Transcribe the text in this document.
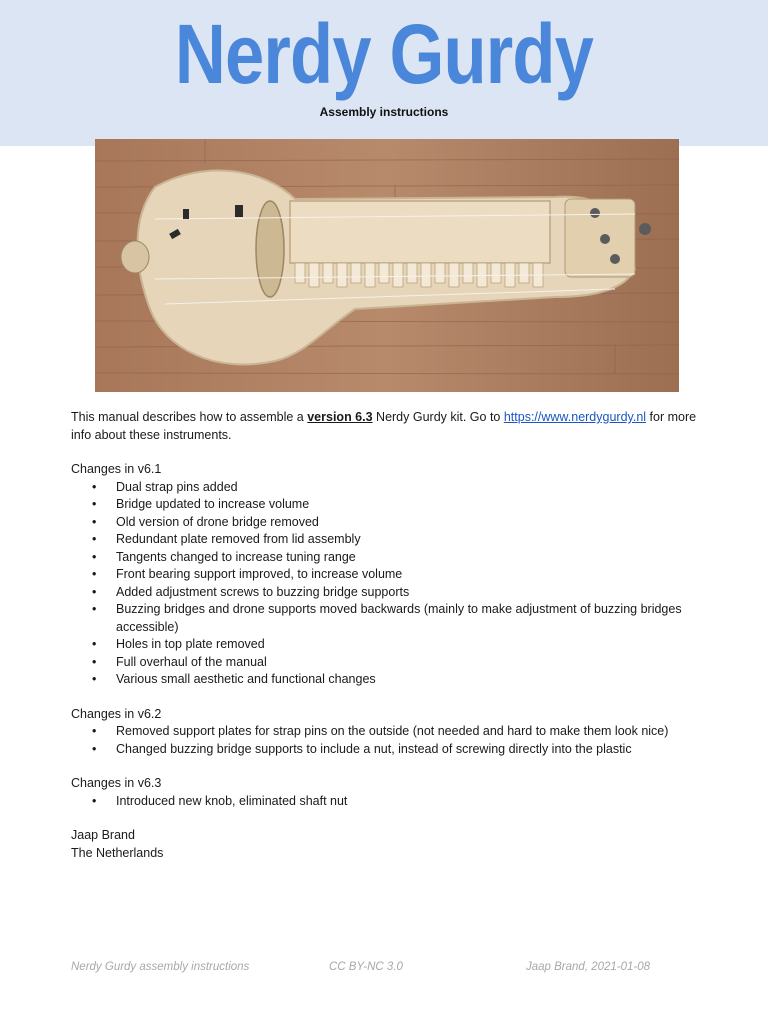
Nerdy Gurdy
Assembly instructions

This manual describes how to assemble a version 6.3 Nerdy Gurdy kit. Go to https://www.nerdygurdy.nl for more info about these instruments.

Changes in v6.1

• Dual strap pins added
• Bridge updated to increase volume
• Old version of drone bridge removed
• Redundant plate removed from lid assembly
• Tangents changed to increase tuning range
• Front bearing support improved, to increase volume
• Added adjustment screws to buzzing bridge supports
• Buzzing bridges and drone supports moved backwards (mainly to make adjustment of buzzing bridges accessible)
• Holes in top plate removed
• Full overhaul of the manual
• Various small aesthetic and functional changes

Changes in v6.2

• Removed support plates for strap pins on the outside (not needed and hard to make them look nice)
• Changed buzzing bridge supports to include a nut, instead of screwing directly into the plastic

Changes in v6.3

• Introduced new knob, eliminated shaft nut

Jaap Brand

The Netherlands

Nerdy Gurdy assembly instructions	CC BY-NC 3.0	Jaap Brand, 2021-01-08
